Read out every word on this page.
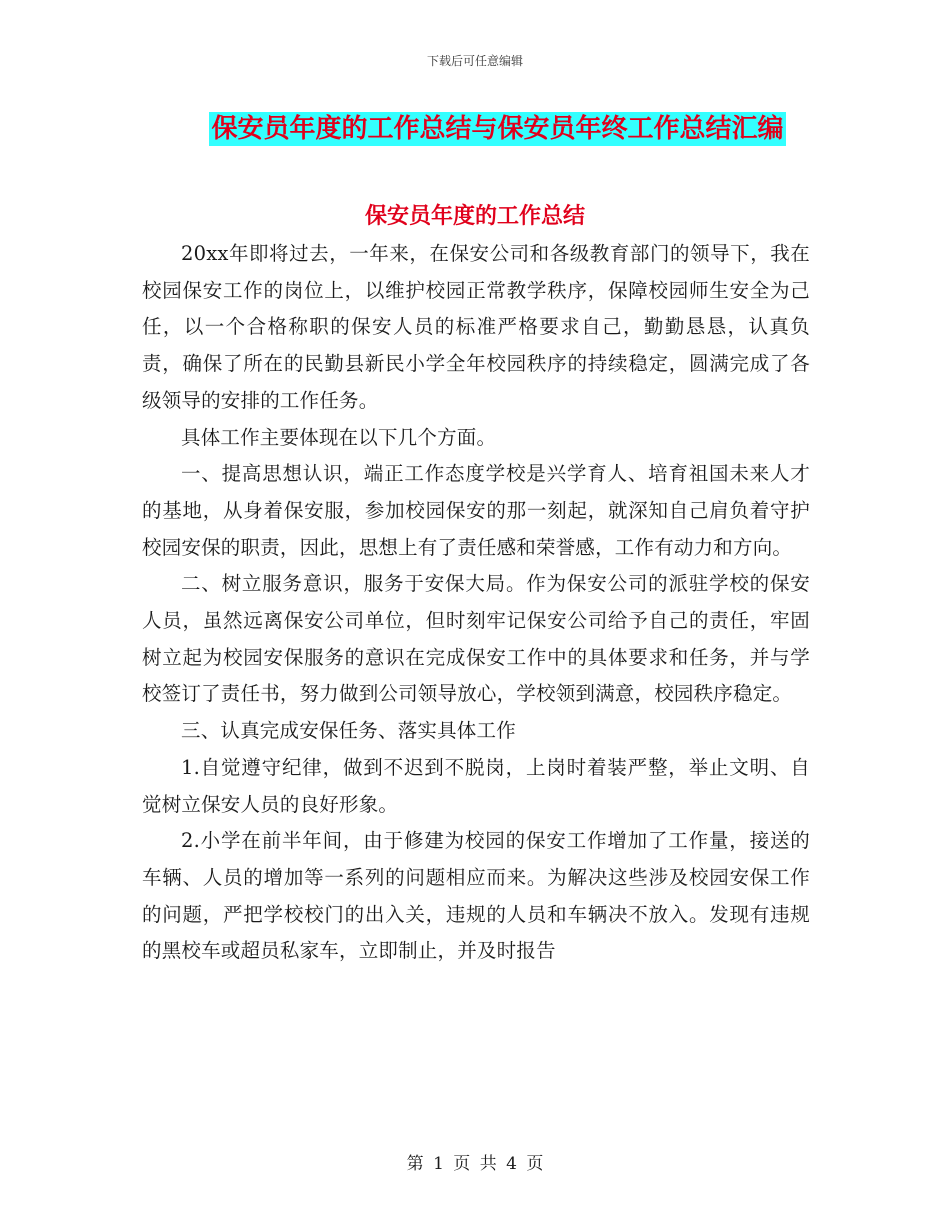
下载后可任意编辑
保安员年度的工作总结与保安员年终工作总结汇编
保安员年度的工作总结

20xx年即将过去，一年来，在保安公司和各级教育部门的领导下，我在校园保安工作的岗位上，以维护校园正常教学秩序，保障校园师生安全为己任，以一个合格称职的保安人员的标准严格要求自己，勤勤恳恳，认真负责，确保了所在的民勤县新民小学全年校园秩序的持续稳定，圆满完成了各级领导的安排的工作任务。

具体工作主要体现在以下几个方面。

一、提高思想认识，端正工作态度学校是兴学育人、培育祖国未来人才的基地，从身着保安服，参加校园保安的那一刻起，就深知自己肩负着守护校园安保的职责，因此，思想上有了责任感和荣誉感，工作有动力和方向。

二、树立服务意识，服务于安保大局。作为保安公司的派驻学校的保安人员，虽然远离保安公司单位，但时刻牢记保安公司给予自己的责任，牢固树立起为校园安保服务的意识在完成保安工作中的具体要求和任务，并与学校签订了责任书，努力做到公司领导放心，学校领到满意，校园秩序稳定。

三、认真完成安保任务、落实具体工作

1.自觉遵守纪律，做到不迟到不脱岗，上岗时着装严整，举止文明、自觉树立保安人员的良好形象。

2.小学在前半年间，由于修建为校园的保安工作增加了工作量，接送的车辆、人员的增加等一系列的问题相应而来。为解决这些涉及校园安保工作的问题，严把学校校门的出入关，违规的人员和车辆决不放入。发现有违规的黑校车或超员私家车，立即制止，并及时报告

第 1 页 共 4 页
